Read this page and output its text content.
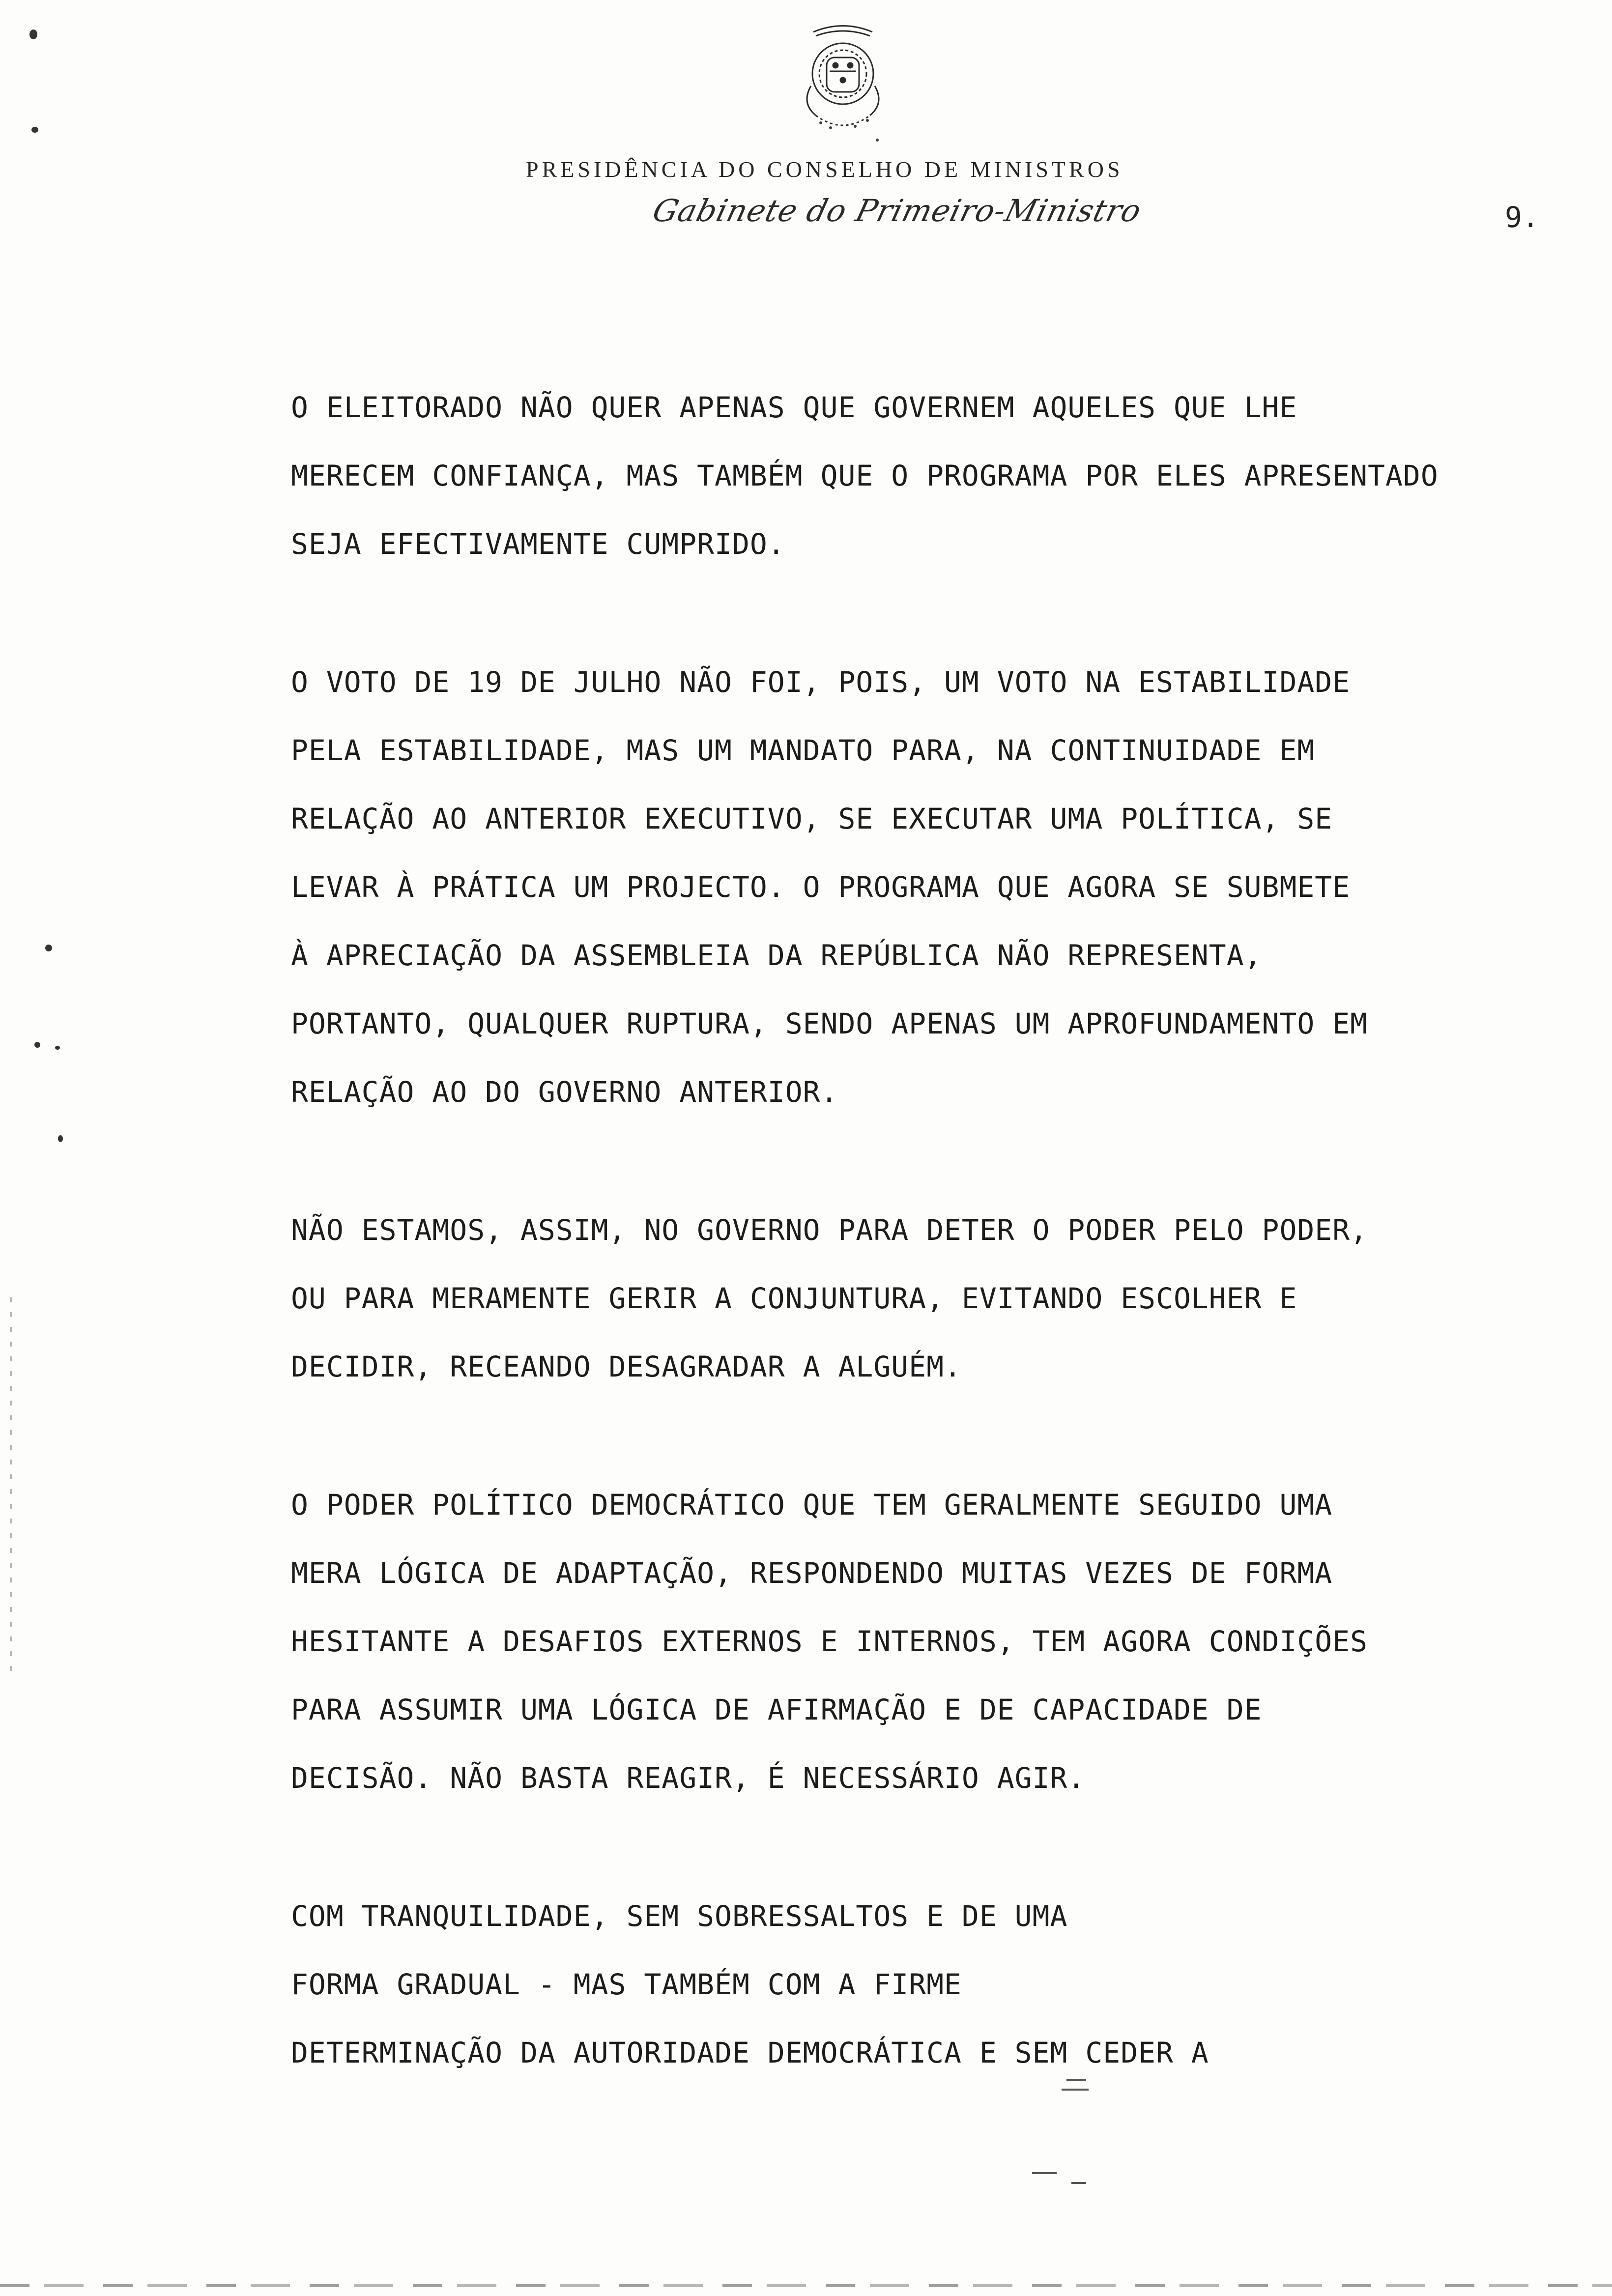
PRESIDÊNCIA DO CONSELHO DE MINISTROS
Gabinete do Primeiro-Ministro	9.
O ELEITORADO NÃO QUER APENAS QUE GOVERNEM AQUELES QUE LHE
MERECEM CONFIANÇA, MAS TAMBÉM QUE O PROGRAMA POR ELES APRESENTADO
SEJA EFECTIVAMENTE CUMPRIDO.
O VOTO DE 19 DE JULHO NÃO FOI, POIS, UM VOTO NA ESTABILIDADE
PELA ESTABILIDADE, MAS UM MANDATO PARA, NA CONTINUIDADE EM
RELAÇÃO AO ANTERIOR EXECUTIVO, SE EXECUTAR UMA POLÍTICA, SE
LEVAR À PRÁTICA UM PROJECTO. O PROGRAMA QUE AGORA SE SUBMETE
À APRECIAÇÃO DA ASSEMBLEIA DA REPÚBLICA NÃO REPRESENTA,
PORTANTO, QUALQUER RUPTURA, SENDO APENAS UM APROFUNDAMENTO EM
RELAÇÃO AO DO GOVERNO ANTERIOR.
NÃO ESTAMOS, ASSIM, NO GOVERNO PARA DETER O PODER PELO PODER,
OU PARA MERAMENTE GERIR A CONJUNTURA, EVITANDO ESCOLHER E
DECIDIR, RECEANDO DESAGRADAR A ALGUÉM.
O PODER POLÍTICO DEMOCRÁTICO QUE TEM GERALMENTE SEGUIDO UMA
MERA LÓGICA DE ADAPTAÇÃO, RESPONDENDO MUITAS VEZES DE FORMA
HESITANTE A DESAFIOS EXTERNOS E INTERNOS, TEM AGORA CONDIÇÕES
PARA ASSUMIR UMA LÓGICA DE AFIRMAÇÃO E DE CAPACIDADE DE
DECISÃO. NÃO BASTA REAGIR, É NECESSÁRIO AGIR.
COM TRANQUILIDADE, SEM SOBRESSALTOS E DE UMA
FORMA GRADUAL - MAS TAMBÉM COM A FIRME
DETERMINAÇÃO DA AUTORIDADE DEMOCRÁTICA E SEM CEDER A
